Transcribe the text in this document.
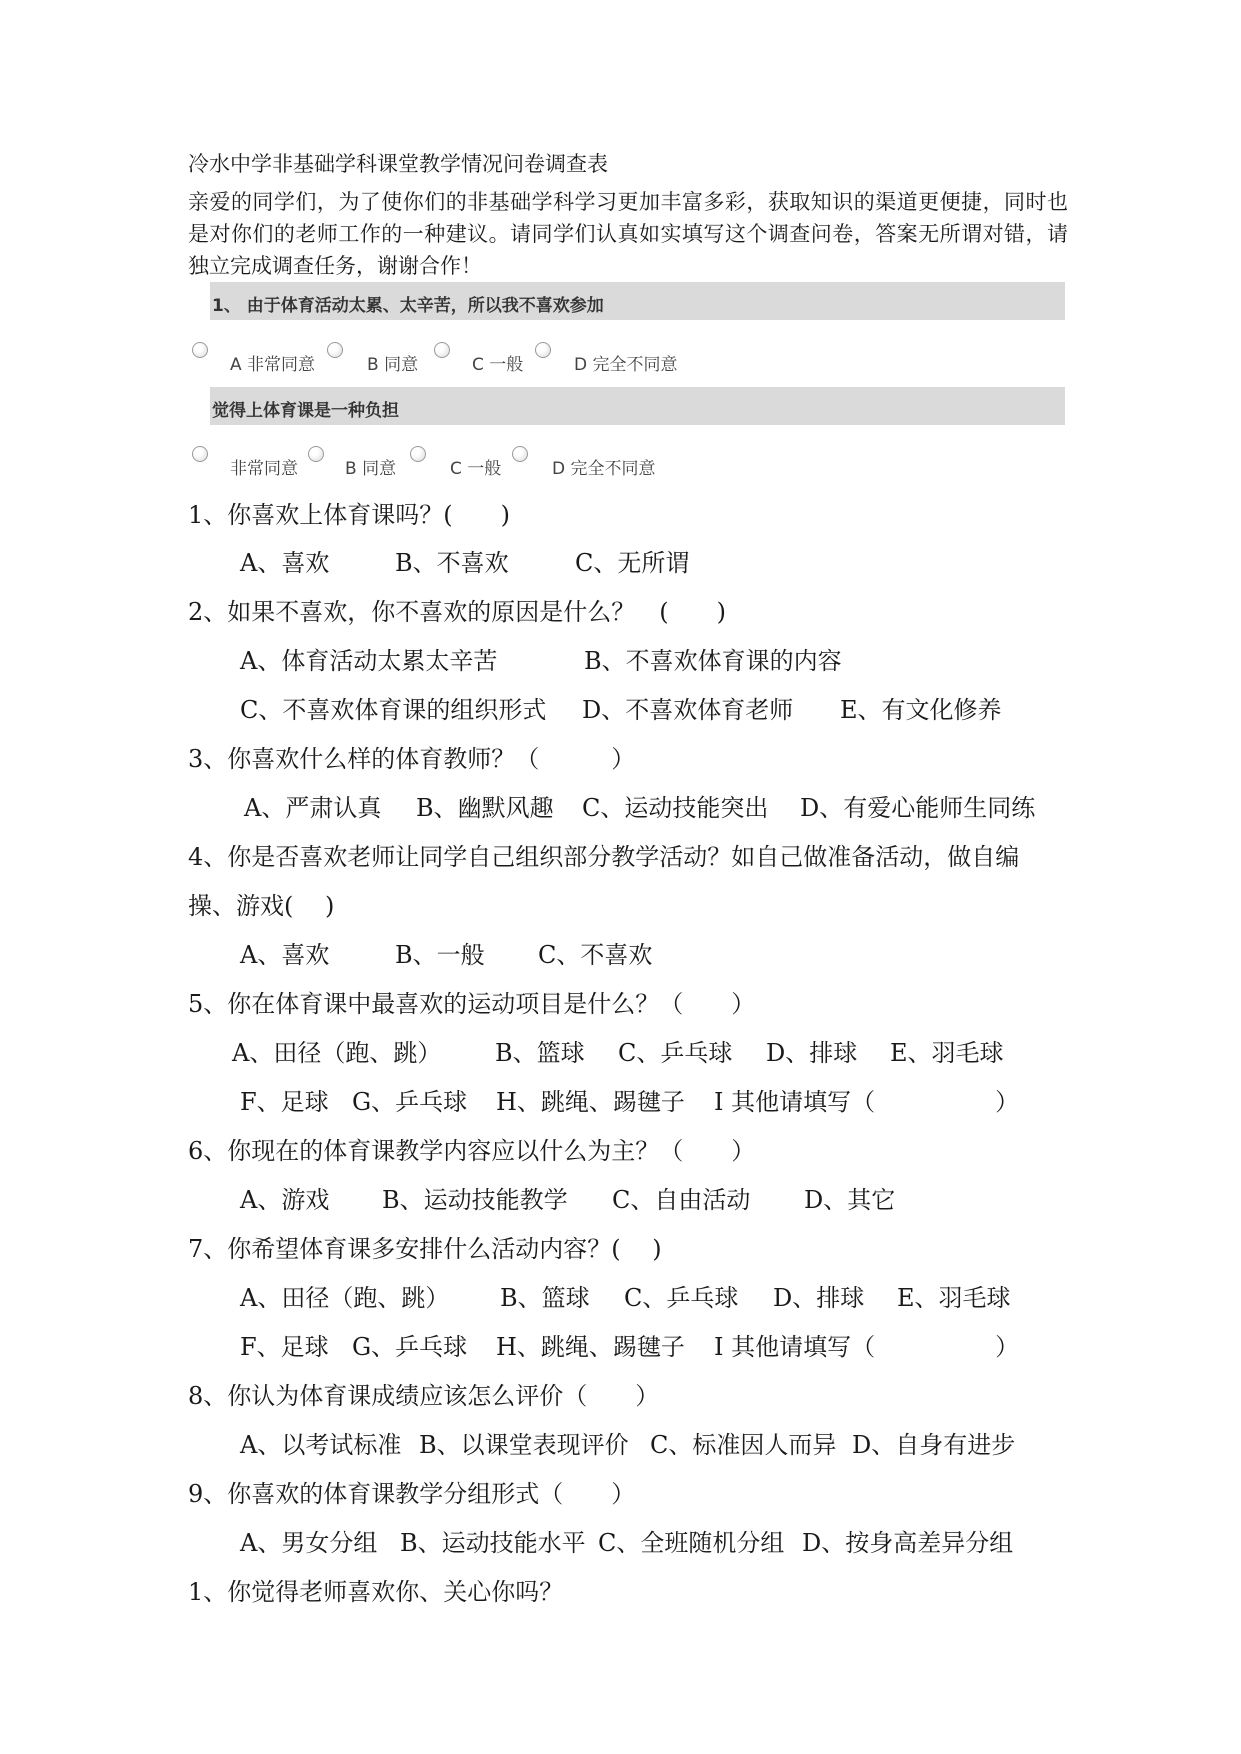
冷水中学非基础学科课堂教学情况问卷调查表
亲爱的同学们，为了使你们的非基础学科学习更加丰富多彩，获取知识的渠道更便捷，同时也是对你们的老师工作的一种建议。请同学们认真如实填写这个调查问卷，答案无所谓对错，请独立完成调查任务，谢谢合作！
1、 由于体育活动太累、太辛苦，所以我不喜欢参加
A 非常同意	B 同意	C 一般	D 完全不同意
觉得上体育课是一种负担
非常同意	B 同意	C 一般	D 完全不同意
1、你喜欢上体育课吗？(　　)
A、喜欢	B、不喜欢	C、无所谓
2、如果不喜欢，你不喜欢的原因是什么？　(　　)
A、体育活动太累太辛苦	B、不喜欢体育课的内容
C、不喜欢体育课的组织形式 D、不喜欢体育老师 E、有文化修养
3、你喜欢什么样的体育教师？（　　　）
A、严肃认真 B、幽默风趣 C、运动技能突出 D、有爱心能师生同练
4、你是否喜欢老师让同学自己组织部分教学活动？如自己做准备活动，做自编
操、游戏(　 )
A、喜欢	B、一般 C、不喜欢
5、你在体育课中最喜欢的运动项目是什么？（　　）
A、田径（跑、跳） B、篮球 C、乒乓球 D、排球 E、羽毛球
F、足球 G、乒乓球 H、跳绳、踢毽子 I 其他请填写（　　　　　）
6、你现在的体育课教学内容应以什么为主？（　　）
A、游戏 B、运动技能教学 C、自由活动 D、其它
7、你希望体育课多安排什么活动内容？(　 )
A、田径（跑、跳） B、篮球 C、乒乓球 D、排球 E、羽毛球
F、足球 G、乒乓球 H、跳绳、踢毽子 I 其他请填写（　　　　　）
8、你认为体育课成绩应该怎么评价（　　）
A、以考试标准 B、以课堂表现评价 C、标准因人而异 D、自身有进步
9、你喜欢的体育课教学分组形式（　　）
A、男女分组 B、运动技能水平 C、全班随机分组 D、按身高差异分组
1、你觉得老师喜欢你、关心你吗？
